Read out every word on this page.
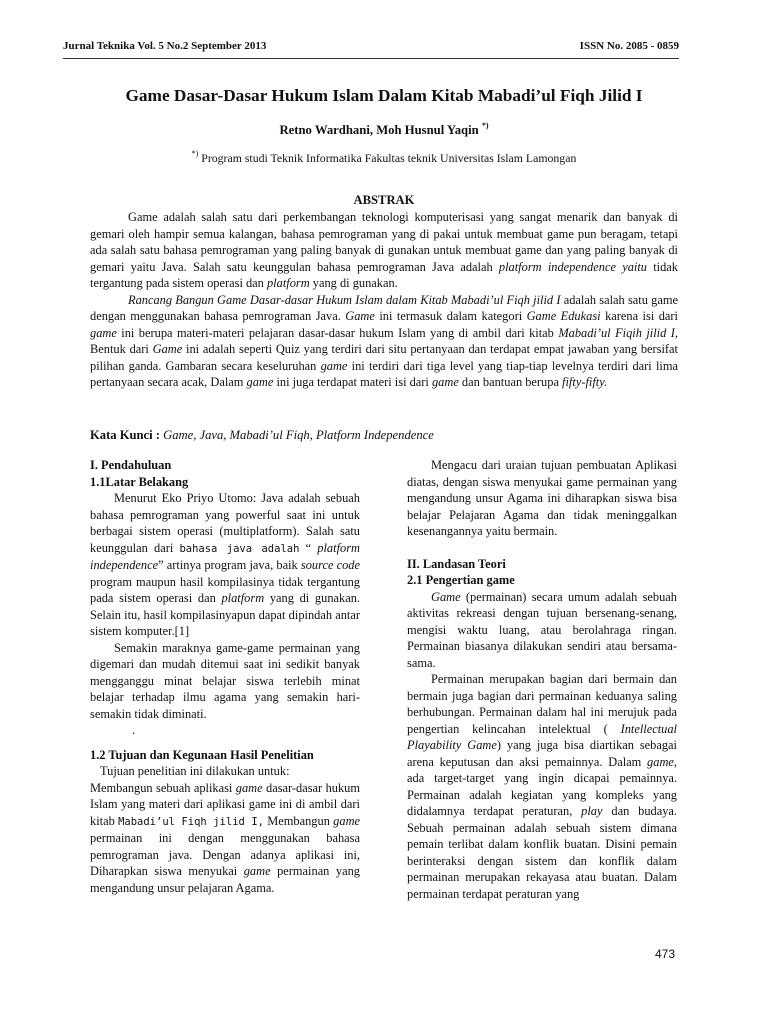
Jurnal Teknika Vol. 5 No.2 September 2013	ISSN No. 2085 - 0859
Game Dasar-Dasar Hukum Islam Dalam Kitab Mabadi’ul Fiqh Jilid I
Retno Wardhani, Moh Husnul Yaqin *)
*) Program studi Teknik Informatika Fakultas teknik Universitas Islam Lamongan
ABSTRAK

Game adalah salah satu dari perkembangan teknologi komputerisasi yang sangat menarik dan banyak di gemari oleh hampir semua kalangan, bahasa pemrograman yang di pakai untuk membuat game pun beragam, tetapi ada salah satu bahasa pemrograman yang paling banyak di gunakan untuk membuat game dan yang paling banyak di gemari yaitu Java. Salah satu keunggulan bahasa pemrograman Java adalah platform independence yaitu tidak tergantung pada sistem operasi dan platform yang di gunakan.

Rancang Bangun Game Dasar-dasar Hukum Islam dalam Kitab Mabadi’ul Fiqh jilid I adalah salah satu game dengan menggunakan bahasa pemrograman Java. Game ini termasuk dalam kategori Game Edukasi karena isi dari game ini berupa materi-materi pelajaran dasar-dasar hukum Islam yang di ambil dari kitab Mabadi’ul Fiqih jilid I, Bentuk dari Game ini adalah seperti Quiz yang terdiri dari situ pertanyaan dan terdapat empat jawaban yang bersifat pilihan ganda. Gambaran secara keseluruhan game ini terdiri dari tiga level yang tiap-tiap levelnya terdiri dari lima pertanyaan secara acak, Dalam game ini juga terdapat materi isi dari game dan bantuan berupa fifty-fifty.

Kata Kunci : Game, Java, Mabadi’ul Fiqh, Platform Independence

I. Pendahuluan

1.1Latar Belakang

Menurut Eko Priyo Utomo: Java adalah sebuah bahasa pemrograman yang powerful saat ini untuk berbagai sistem operasi (multiplatform). Salah satu keunggulan dari bahasa java adalah “ platform independence” artinya program java, baik source code program maupun hasil kompilasinya tidak tergantung pada sistem operasi dan platform yang di gunakan. Selain itu, hasil kompilasinyapun dapat dipindah antar sistem komputer.[1]

Semakin maraknya game-game permainan yang digemari dan mudah ditemui saat ini sedikit banyak mengganggu minat belajar siswa terlebih minat belajar terhadap ilmu agama yang semakin hari-semakin tidak diminati.

.

1.2 Tujuan dan Kegunaan Hasil Penelitian

Tujuan penelitian ini dilakukan untuk:

Membangun sebuah aplikasi game dasar-dasar hukum Islam yang materi dari aplikasi game ini di ambil dari kitab Mabadi’ul Fiqh jilid I, Membangun game permainan ini dengan menggunakan bahasa pemrograman java. Dengan adanya aplikasi ini, Diharapkan siswa menyukai game permainan yang mengandung unsur pelajaran Agama.

Mengacu dari uraian tujuan pembuatan Aplikasi diatas, dengan siswa menyukai game permainan yang mengandung unsur Agama ini diharapkan siswa bisa belajar Pelajaran Agama dan tidak meninggalkan kesenangannya yaitu bermain.

II. Landasan Teori

2.1 Pengertian game

Game (permainan) secara umum adalah sebuah aktivitas rekreasi dengan tujuan bersenang-senang, mengisi waktu luang, atau berolahraga ringan. Permainan biasanya dilakukan sendiri atau bersama-sama.

Permainan merupakan bagian dari bermain dan bermain juga bagian dari permainan keduanya saling berhubungan. Permainan dalam hal ini merujuk pada pengertian kelincahan intelektual ( Intellectual Playability Game) yang juga bisa diartikan sebagai arena keputusan dan aksi pemainnya. Dalam game, ada target-target yang ingin dicapai pemainnya. Permainan adalah kegiatan yang kompleks yang didalamnya terdapat peraturan, play dan budaya. Sebuah permainan adalah sebuah sistem dimana pemain terlibat dalam konflik buatan. Disini pemain berinteraksi dengan sistem dan konflik dalam permainan merupakan rekayasa atau buatan. Dalam permainan terdapat peraturan yang

473
